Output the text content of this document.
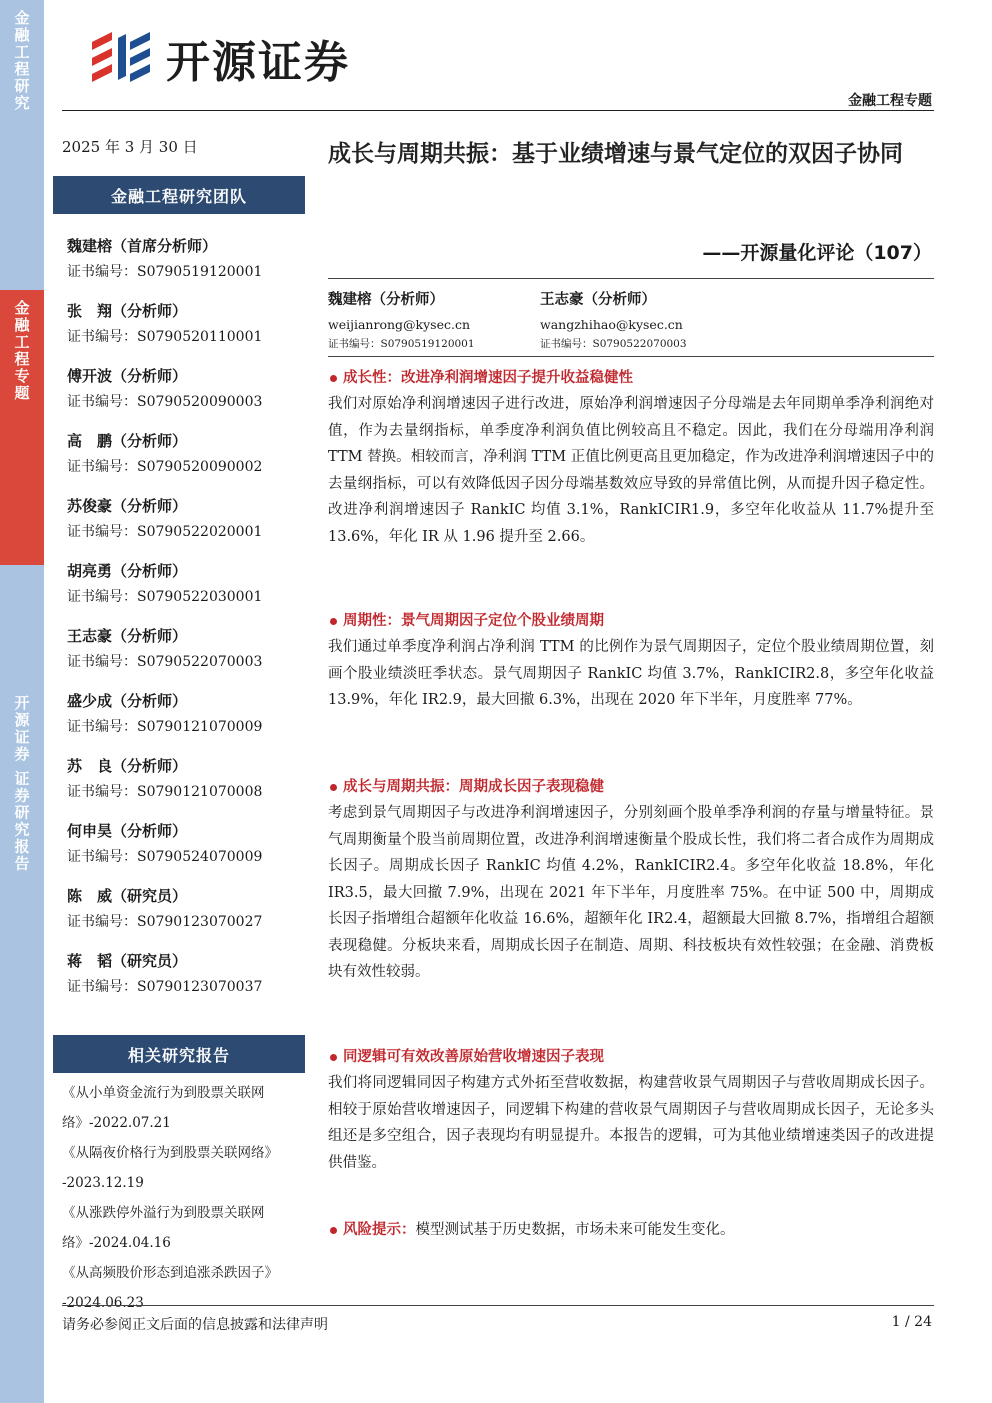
金融工程研究
金融工程专题
开源证券 证券研究报告
开源证券
金融工程专题
2025 年 3 月 30 日
金融工程研究团队
魏建榕（首席分析师）
证书编号：S0790519120001
张　翔（分析师）
证书编号：S0790520110001
傅开波（分析师）
证书编号：S0790520090003
高　鹏（分析师）
证书编号：S0790520090002
苏俊豪（分析师）
证书编号：S0790522020001
胡亮勇（分析师）
证书编号：S0790522030001
王志豪（分析师）
证书编号：S0790522070003
盛少成（分析师）
证书编号：S0790121070009
苏　良（分析师）
证书编号：S0790121070008
何申昊（分析师）
证书编号：S0790524070009
陈　威（研究员）
证书编号：S0790123070027
蒋　韬（研究员）
证书编号：S0790123070037
相关研究报告
《从小单资金流行为到股票关联网
络》-2022.07.21
《从隔夜价格行为到股票关联网络》
-2023.12.19
《从涨跌停外溢行为到股票关联网
络》-2024.04.16
《从高频股价形态到追涨杀跌因子》
-2024.06.23
成长与周期共振：基于业绩增速与景气定位的双因子协同
——开源量化评论（107）
魏建榕（分析师）
weijianrong@kysec.cn
证书编号：S0790519120001
王志豪（分析师）
wangzhihao@kysec.cn
证书编号：S0790522070003
成长性：改进净利润增速因子提升收益稳健性
我们对原始净利润增速因子进行改进，原始净利润增速因子分母端是去年同期单季净利润绝对值，作为去量纲指标，单季度净利润负值比例较高且不稳定。因此，我们在分母端用净利润 TTM 替换。相较而言，净利润 TTM 正值比例更高且更加稳定，作为改进净利润增速因子中的去量纲指标，可以有效降低因子因分母端基数效应导致的异常值比例，从而提升因子稳定性。改进净利润增速因子 RankIC 均值 3.1%，RankICIR1.9，多空年化收益从 11.7%提升至 13.6%，年化 IR 从 1.96 提升至 2.66。
周期性：景气周期因子定位个股业绩周期
我们通过单季度净利润占净利润 TTM 的比例作为景气周期因子，定位个股业绩周期位置，刻画个股业绩淡旺季状态。景气周期因子 RankIC 均值 3.7%，RankICIR2.8，多空年化收益 13.9%，年化 IR2.9，最大回撤 6.3%，出现在 2020 年下半年，月度胜率 77%。
成长与周期共振：周期成长因子表现稳健
考虑到景气周期因子与改进净利润增速因子，分别刻画个股单季净利润的存量与增量特征。景气周期衡量个股当前周期位置，改进净利润增速衡量个股成长性，我们将二者合成作为周期成长因子。周期成长因子 RankIC 均值 4.2%，RankICIR2.4。多空年化收益 18.8%，年化 IR3.5，最大回撤 7.9%，出现在 2021 年下半年，月度胜率 75%。在中证 500 中，周期成长因子指增组合超额年化收益 16.6%，超额年化 IR2.4，超额最大回撤 8.7%，指增组合超额表现稳健。分板块来看，周期成长因子在制造、周期、科技板块有效性较强；在金融、消费板块有效性较弱。
同逻辑可有效改善原始营收增速因子表现
我们将同逻辑同因子构建方式外拓至营收数据，构建营收景气周期因子与营收周期成长因子。相较于原始营收增速因子，同逻辑下构建的营收景气周期因子与营收周期成长因子，无论多头组还是多空组合，因子表现均有明显提升。本报告的逻辑，可为其他业绩增速类因子的改进提供借鉴。
风险提示： 模型测试基于历史数据，市场未来可能发生变化。
请务必参阅正文后面的信息披露和法律声明	1 / 24
